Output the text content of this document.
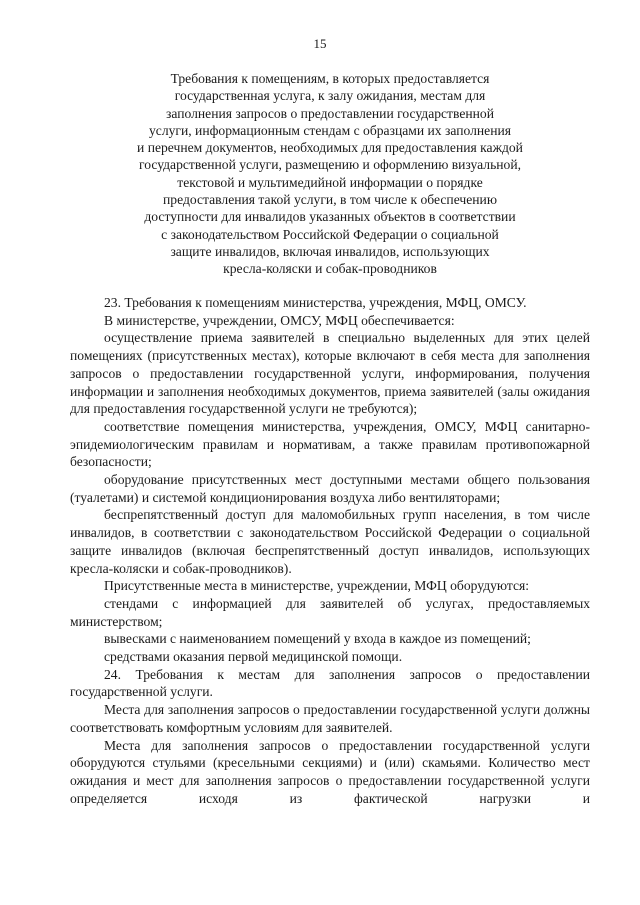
15
Требования к помещениям, в которых предоставляется
государственная услуга, к залу ожидания, местам для
заполнения запросов о предоставлении государственной
услуги, информационным стендам с образцами их заполнения
и перечнем документов, необходимых для предоставления каждой
государственной услуги, размещению и оформлению визуальной,
текстовой и мультимедийной информации о порядке
предоставления такой услуги, в том числе к обеспечению
доступности для инвалидов указанных объектов в соответствии
с законодательством Российской Федерации о социальной
защите инвалидов, включая инвалидов, использующих
кресла-коляски и собак-проводников

23. Требования к помещениям министерства, учреждения, МФЦ, ОМСУ.

В министерстве, учреждении, ОМСУ, МФЦ обеспечивается:

осуществление приема заявителей в специально выделенных для этих целей помещениях (присутственных местах), которые включают в себя места для заполнения запросов о предоставлении государственной услуги, информирования, получения информации и заполнения необходимых документов, приема заявителей (залы ожидания для предоставления государственной услуги не требуются);

соответствие помещения министерства, учреждения, ОМСУ, МФЦ санитарно-эпидемиологическим правилам и нормативам, а также правилам противопожарной безопасности;

оборудование присутственных мест доступными местами общего пользования (туалетами) и системой кондиционирования воздуха либо вентиляторами;

беспрепятственный доступ для маломобильных групп населения, в том числе инвалидов, в соответствии с законодательством Российской Федерации о социальной защите инвалидов (включая беспрепятственный доступ инвалидов, использующих кресла-коляски и собак-проводников).

Присутственные места в министерстве, учреждении, МФЦ оборудуются:

стендами с информацией для заявителей об услугах, предоставляемых министерством;

вывесками с наименованием помещений у входа в каждое из помещений;

средствами оказания первой медицинской помощи.

24. Требования к местам для заполнения запросов о предоставлении государственной услуги.

Места для заполнения запросов о предоставлении государственной услуги должны соответствовать комфортным условиям для заявителей.

Места для заполнения запросов о предоставлении государственной услуги оборудуются стульями (кресельными секциями) и (или) скамьями. Количество мест ожидания и мест для заполнения запросов о предоставлении государственной услуги определяется исходя из фактической нагрузки и
